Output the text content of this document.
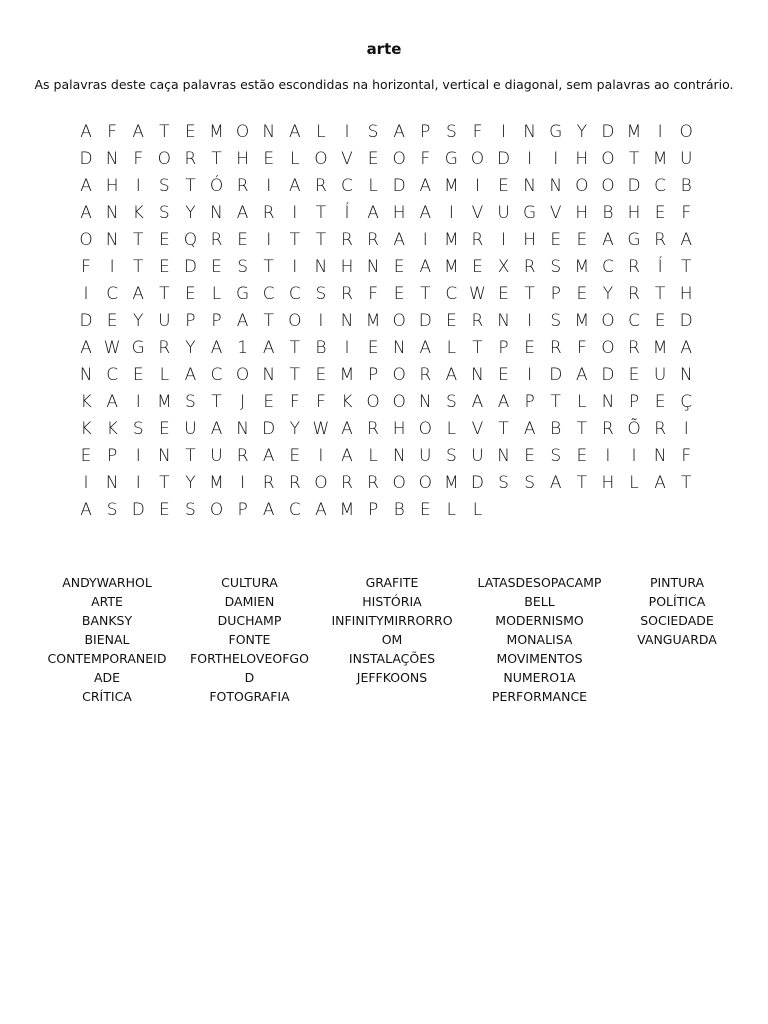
arte
As palavras deste caça palavras estão escondidas na horizontal, vertical e diagonal, sem palavras ao contrário.
A F A T E M O N A L	I	S A P S F	I	N G Y D M I O
D N F O R T H E L O V E O F G O D	I	I	H O T M U
A H	I	S T Ó R	I	A R C L D A M I	E N N O O D C B
A N K S Y N A R	I	T	Í	A H A	I	V U G V H B H E F
O N T E Q R E	I	T T R R A	I M R	I	H E E A G R A
F	I	T E D E S T	I	N H N E A M E X R S M C R	Í	T
I	C A T E L G C C S R F E T C W E T P E Y R T H
D E Y U P P A T O I	N M O D E R N	I	S M O C E D
A W G R Y A 1 A T B	I	E N A L T P E R F O R M A
N C E L A C O N T E M P O R A N E	I	D A D E U N
K A	I M S T	J	E F F K O O N S A A P T L N P E Ç
K K S E U A N D Y W A R H O L V T A B T R Õ R	I
E P	I	N T U R A E	I	A L N U S U N E S E	I	I	N F
I	N	I	T Y M I	R R O R R O O M D S S A T H L A T
A S D E S O P A C A M P B E L L
ANDYWARHOL
ARTE
BANKSY
BIENAL
CONTEMPORANEID
ADE
CRÍTICA
CULTURA
DAMIEN
DUCHAMP
FONTE
FORTHELOVEOFGO
D
FOTOGRAFIA
GRAFITE
HISTÓRIA
INFINITYMIRRORRO
OM
INSTALAÇÕES
JEFFKOONS
LATASDESOPACAMP
BELL
MODERNISMO
MONALISA
MOVIMENTOS
NUMERO1A
PERFORMANCE
PINTURA
POLÍTICA
SOCIEDADE
VANGUARDA
